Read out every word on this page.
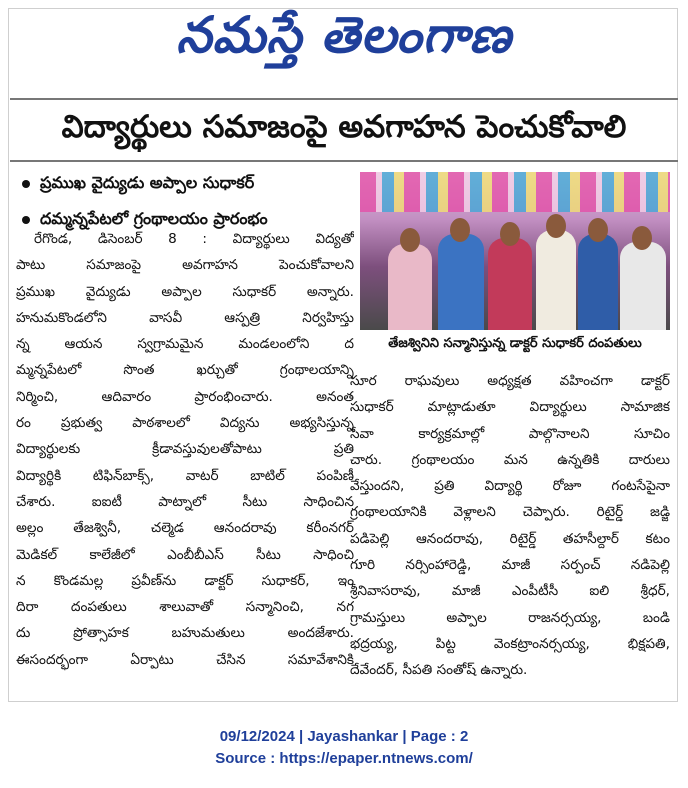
నమస్తే తెలంగాణ
విద్యార్థులు సమాజంపై అవగాహన పెంచుకోవాలి
ప్రముఖ వైద్యుడు అప్పాల సుధాకర్
దమ్మన్నపేటలో గ్రంథాలయం ప్రారంభం
తేజశ్వినిని సన్మానిస్తున్న డాక్టర్ సుధాకర్ దంపతులు
రేగొండ, డిసెంబర్ 8 : విద్యార్థులు విద్యతో
పాటు సమాజంపై అవగాహన పెంచుకోవాలని
ప్రముఖ వైద్యుడు అప్పాల సుధాకర్ అన్నారు.
హనుమకొండలోని వాసవీ ఆస్పత్రి నిర్వహిస్తు
న్న ఆయన స్వగ్రామమైన మండలంలోని ద
మ్మన్నపేటలో సొంత ఖర్చుతో గ్రంథాలయాన్ని
నిర్మించి, ఆదివారం ప్రారంభించారు. అనంత
రం ప్రభుత్వ పాఠశాలలో విద్యను అభ్యసిస్తున్న
విద్యార్థులకు క్రీడావస్తువులతోపాటు ప్రతి
విద్యార్థికి టిఫిన్‌బాక్స్, వాటర్ బాటిల్ పంపిణీ
చేశారు. ఐఐటీ పాట్నాలో సీటు సాధించిన
అల్లం తేజశ్వినీ, చల్మెడ ఆనందరావు కరీంనగర్
మెడికల్ కాలేజీలో ఎంబీబీఎస్ సీటు సాధించి
న కొండమల్ల ప్రవీణ్‌ను డాక్టర్ సుధాకర్, ఇం
దిరా దంపతులు శాలువాతో సన్మానించి, నగ
దు ప్రోత్సాహక బహుమతులు అందజేశారు.
ఈసందర్భంగా ఏర్పాటు చేసిన సమావేశానికి
సూర రాఘవులు అధ్యక్షత వహించగా డాక్టర్
సుధాకర్ మాట్లాడుతూ విద్యార్థులు సామాజిక
సేవా కార్యక్రమాల్లో పాల్గొనాలని సూచిం
చారు. గ్రంథాలయం మన ఉన్నతికి దారులు
వేస్తుందని, ప్రతి విద్యార్థి రోజూ గంటసేపైనా
గ్రంథాలయానికి వెళ్లాలని చెప్పారు. రిటైర్డ్ జడ్జి
పడిపెల్లి ఆనందరావు, రిటైర్డ్ తహసీల్దార్ కటం
గూరి నర్సింహారెడ్డి, మాజీ సర్పంచ్ నడిపెల్లి
శ్రీనివాసరావు, మాజీ ఎంపీటీసీ ఐలి శ్రీధర్,
గ్రామస్తులు అప్పాల రాజనర్సయ్య, బండి
భద్రయ్య, పిట్ట వెంకట్రాంనర్సయ్య, భిక్షపతి,
దేవేందర్, సీపతి సంతోష్ ఉన్నారు.
09/12/2024 | Jayashankar | Page : 2
Source : https://epaper.ntnews.com/
